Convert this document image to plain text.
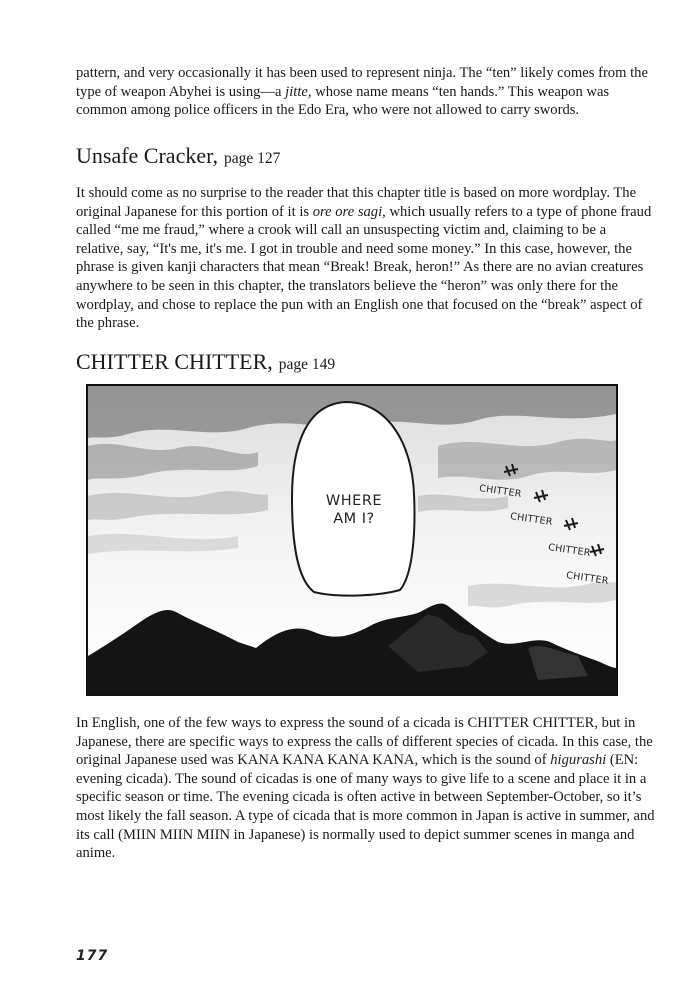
pattern, and very occasionally it has been used to represent ninja. The “ten” likely comes from the type of weapon Abyhei is using—a jitte, whose name means “ten hands.” This weapon was common among police officers in the Edo Era, who were not allowed to carry swords.

Unsafe Cracker, page 127

It should come as no surprise to the reader that this chapter title is based on more wordplay. The original Japanese for this portion of it is ore ore sagi, which usually refers to a type of phone fraud called “me me fraud,” where a crook will call an unsuspecting victim and, claiming to be a relative, say, “It's me, it's me. I got in trouble and need some money.” In this case, however, the phrase is given kanji characters that mean “Break! Break, heron!” As there are no avian creatures anywhere to be seen in this chapter, the translators believe the “heron” was only there for the wordplay, and chose to replace the pun with an English one that focused on the “break” aspect of the phrase.

CHITTER CHITTER, page 149
WHERE
AM I?
CHITTER
CHITTER
CHITTER
CHITTER

In English, one of the few ways to express the sound of a cicada is CHITTER CHITTER, but in Japanese, there are specific ways to express the calls of different species of cicada. In this case, the original Japanese used was KANA KANA KANA KANA, which is the sound of higurashi (EN: evening cicada). The sound of cicadas is one of many ways to give life to a scene and place it in a specific season or time. The evening cicada is often active in between September-October, so it’s most likely the fall season. A type of cicada that is more common in Japan is active in summer, and its call (MIIN MIIN MIIN in Japanese) is normally used to depict summer scenes in manga and anime.

177
